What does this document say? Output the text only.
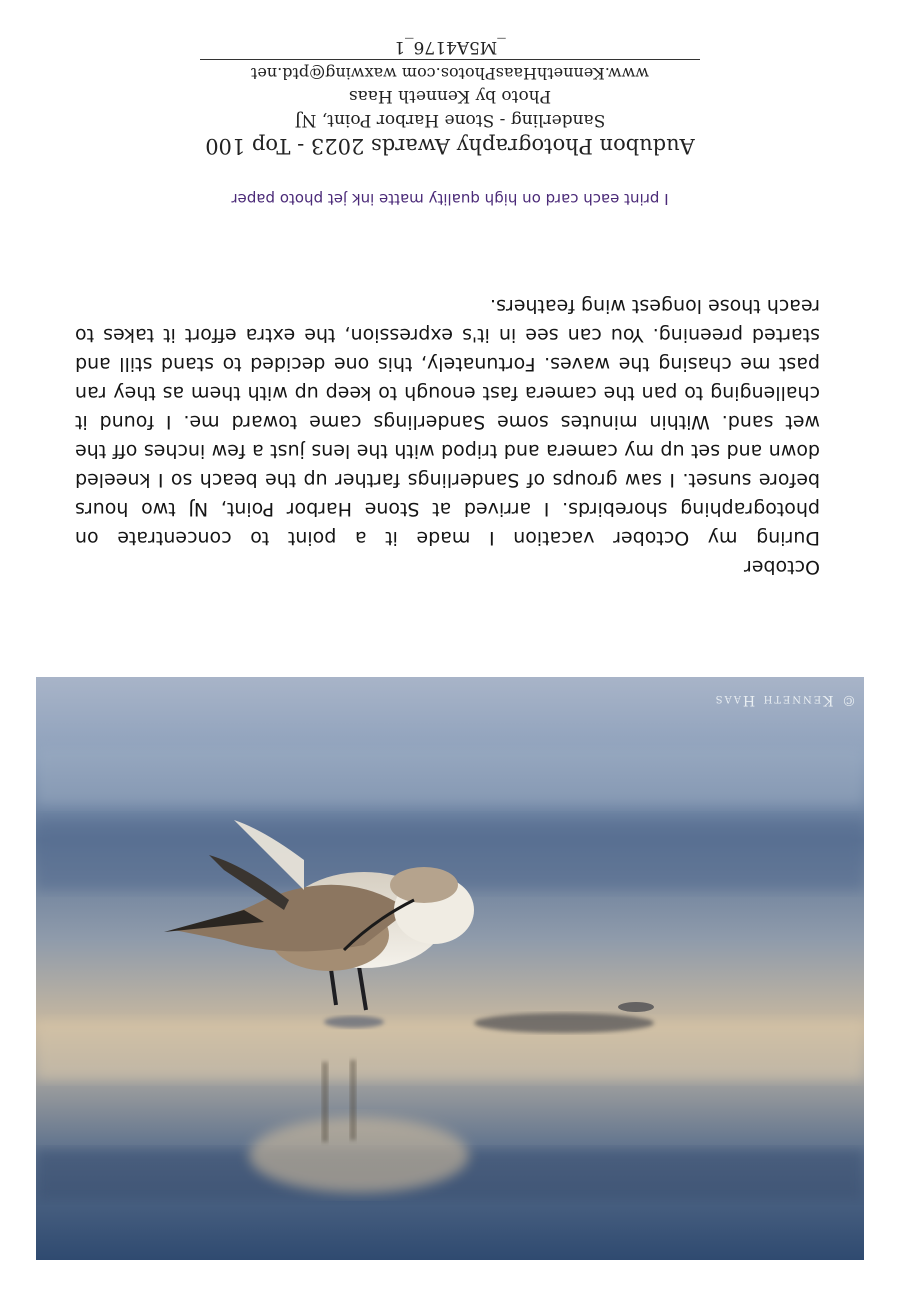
© Kenneth Haas
October
During my October vacation I made it a point to concentrate on photographing shorebirds. I arrived at Stone Harbor Point, NJ two hours before sunset. I saw groups of Sanderlings farther up the beach so I kneeled down and set up my camera and tripod with the lens just a few inches off the wet sand. Within minutes some Sanderlings came toward me. I found it challenging to pan the camera fast enough to keep up with them as they ran past me chasing the waves. Fortunately, this one decided to stand still and started preening. You can see in it's expression, the extra effort it takes to reach those longest wing feathers.
I print each card on high quality matte ink jet photo paper
Audubon Photography Awards 2023 - Top 100
Sanderling - Stone Harbor Point, NJ
Photo by Kenneth Haas
www.KennethHaasPhotos.com waxwing@ptd.net
_M5A4176_1
